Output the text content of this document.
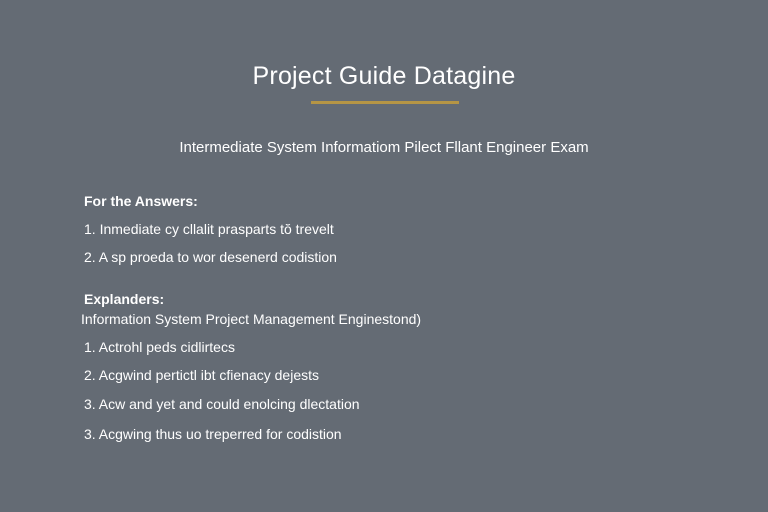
Project Guide Datagine
Intermediate System Informatiom Pilect Fllant Engineer Exam
For the Answers:
1. Inmediate cy cllalit prasparts tŏ trevelt
2. A sp proeda to wor desenerd codistion
Explanders:
Information System Project Management Enginestond)
1. Actrohl peds cidlirtecs
2. Acgwind pertictl ibt cfienacy dejests
3. Acw and yet and could enolcing dlectation
3. Acgwing thus uo treperred for codistion
